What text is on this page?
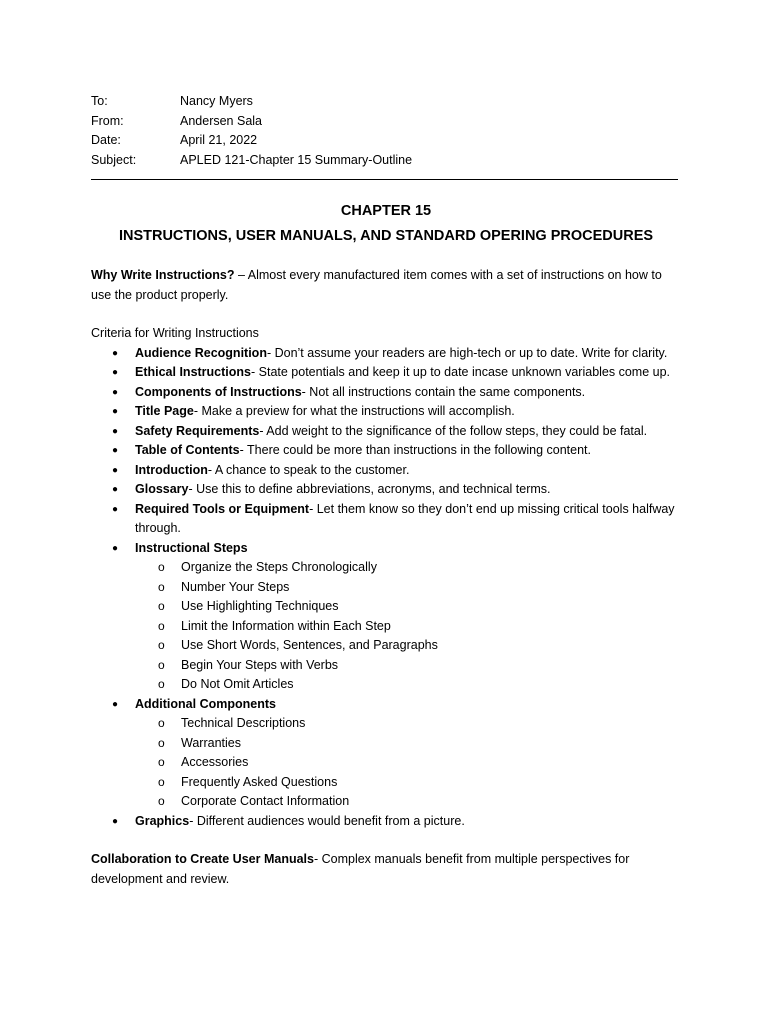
To:	Nancy Myers
From:	Andersen Sala
Date:	April 21, 2022
Subject:	APLED 121-Chapter 15 Summary-Outline
CHAPTER 15
INSTRUCTIONS, USER MANUALS, AND STANDARD OPERING PROCEDURES
Why Write Instructions? – Almost every manufactured item comes with a set of instructions on how to use the product properly.
Criteria for Writing Instructions
● Audience Recognition- Don’t assume your readers are high-tech or up to date. Write for clarity.
● Ethical Instructions- State potentials and keep it up to date incase unknown variables come up.
● Components of Instructions- Not all instructions contain the same components.
● Title Page- Make a preview for what the instructions will accomplish.
● Safety Requirements- Add weight to the significance of the follow steps, they could be fatal.
● Table of Contents- There could be more than instructions in the following content.
● Introduction- A chance to speak to the customer.
● Glossary- Use this to define abbreviations, acronyms, and technical terms.
● Required Tools or Equipment- Let them know so they don’t end up missing critical tools halfway through.
● Instructional Steps
o Organize the Steps Chronologically
o Number Your Steps
o Use Highlighting Techniques
o Limit the Information within Each Step
o Use Short Words, Sentences, and Paragraphs
o Begin Your Steps with Verbs
o Do Not Omit Articles
● Additional Components
o Technical Descriptions
o Warranties
o Accessories
o Frequently Asked Questions
o Corporate Contact Information
● Graphics- Different audiences would benefit from a picture.
Collaboration to Create User Manuals- Complex manuals benefit from multiple perspectives for development and review.
